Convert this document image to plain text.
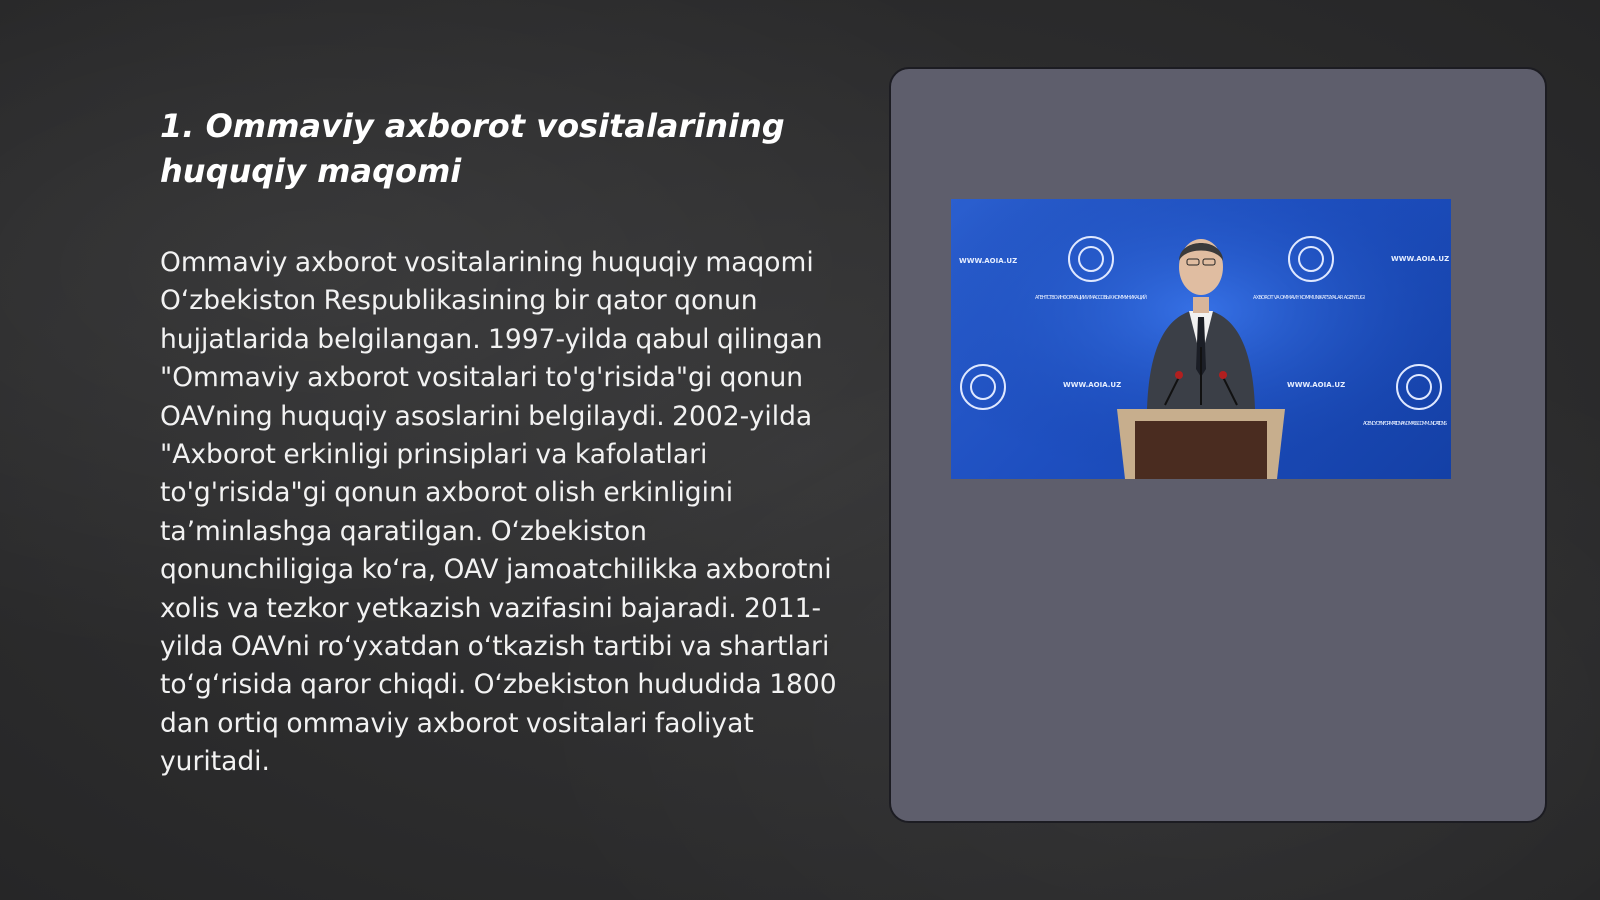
1. Ommaviy axborot vositalarining huquqiy maqomi
Ommaviy axborot vositalarining huquqiy maqomi O‘zbekiston Respublikasining bir qator qonun hujjatlarida belgilangan. 1997-yilda qabul qilingan "Ommaviy axborot vositalari to'g'risida"gi qonun OAVning huquqiy asoslarini belgilaydi. 2002-yilda "Axborot erkinligi prinsiplari va kafolatlari to'g'risida"gi qonun axborot olish erkinligini ta’minlashga qaratilgan. O‘zbekiston qonunchiligiga ko‘ra, OAV jamoatchilikka axborotni xolis va tezkor yetkazish vazifasini bajaradi. 2011-yilda OAVni ro‘yxatdan o‘tkazish tartibi va shartlari to‘g‘risida qaror chiqdi. O‘zbekiston hududida 1800 dan ortiq ommaviy axborot vositalari faoliyat yuritadi.
WWW.AOIA.UZ	WWW.AOIA.UZ
WWW.AOIA.UZ	WWW.AOIA.UZ
АГЕНТСТВО ИНФОРМАЦИИ И МАССОВЫХ КОММУНИКАЦИЙ	AXBOROT VA OMMAVIY KOMMUNIKATSIYALAR AGENTLIGI
AGENCY OF INFORMATION AND MASS COMMUNICATIONS
